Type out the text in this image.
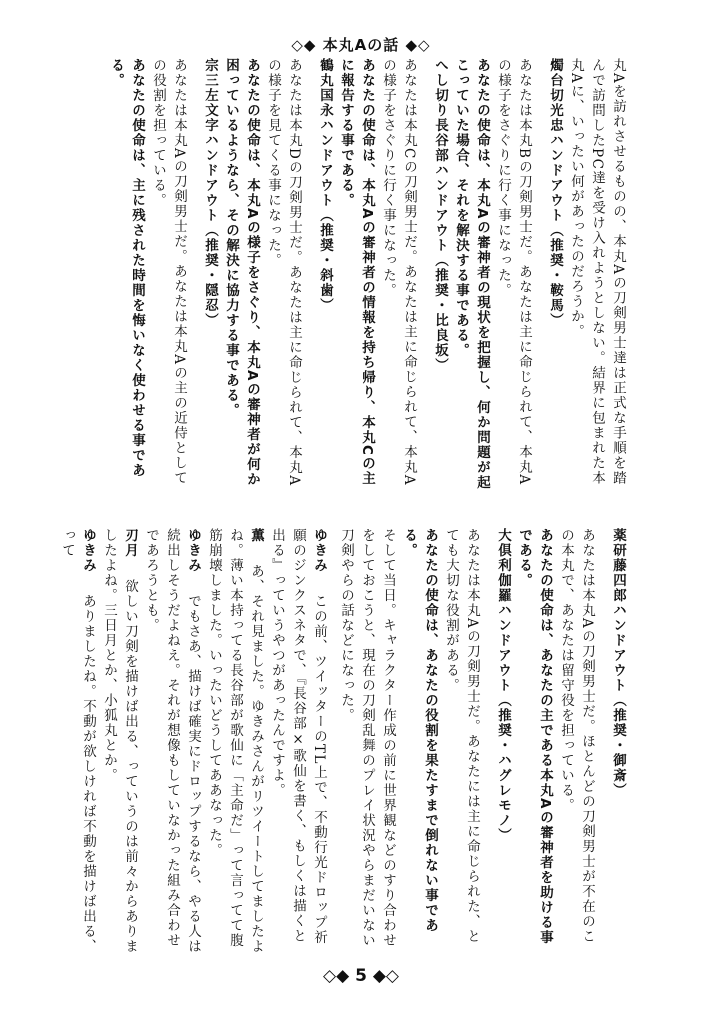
◇◆ 本丸Aの話 ◆◇

丸Aを訪れさせるものの、本丸Aの刀剣男士達は正式な手順を踏んで訪問したPC達を受け入れようとしない。結界に包まれた本丸Aに、いったい何があったのだろうか。

燭台切光忠ハンドアウト（推奨・鞍馬）

あなたは本丸Bの刀剣男士だ。あなたは主に命じられて、本丸Aの様子をさぐりに行く事になった。

あなたの使命は、本丸Aの審神者の現状を把握し、何か問題が起こっていた場合、それを解決する事である。

へし切り長谷部ハンドアウト（推奨・比良坂）

あなたは本丸Cの刀剣男士だ。あなたは主に命じられて、本丸Aの様子をさぐりに行く事になった。

あなたの使命は、本丸Aの審神者の情報を持ち帰り、本丸Cの主に報告する事である。

鶴丸国永ハンドアウト（推奨・斜歯）

あなたは本丸Dの刀剣男士だ。あなたは主に命じられて、本丸Aの様子を見てくる事になった。

あなたの使命は、本丸Aの様子をさぐり、本丸Aの審神者が何か困っているようなら、その解決に協力する事である。

宗三左文字ハンドアウト（推奨・隠忍）

あなたは本丸Aの刀剣男士だ。あなたは本丸Aの主の近侍としての役割を担っている。

あなたの使命は、主に残された時間を悔いなく使わせる事である。

薬研藤四郎ハンドアウト（推奨・御斎）

あなたは本丸Aの刀剣男士だ。ほとんどの刀剣男士が不在のこの本丸で、あなたは留守役を担っている。

あなたの使命は、あなたの主である本丸Aの審神者を助ける事である。

大倶利伽羅ハンドアウト（推奨・ハグレモノ）

あなたは本丸Aの刀剣男士だ。あなたには主に命じられた、とても大切な役割がある。

あなたの使命は、あなたの役割を果たすまで倒れない事である。

そして当日。キャラクター作成の前に世界観などのすり合わせをしておこうと、現在の刀剣乱舞のプレイ状況やらまだいない刀剣やらの話などになった。

ゆきみ　この前、ツイッターのTL上で、不動行光ドロップ祈願のジンクスネタで、『長谷部×歌仙を書く、もしくは描くと出る』っていうやつがあったんですよ。

薫　あ、それ見ました。ゆきみさんがリツイートしてましたよね。薄い本持ってる長谷部が歌仙に「主命だ」って言ってて腹筋崩壊しました。いったいどうしてああなった。

ゆきみ　でもさあ、描けば確実にドロップするなら、やる人は続出しそうだよねえ。それが想像もしていなかった組み合わせであろうとも。

刃月　欲しい刀剣を描けば出る、っていうのは前々からありましたよね。三日月とか、小狐丸とか。

ゆきみ　ありましたね。不動が欲しければ不動を描けば出る、って

◇◆ 5 ◆◇
